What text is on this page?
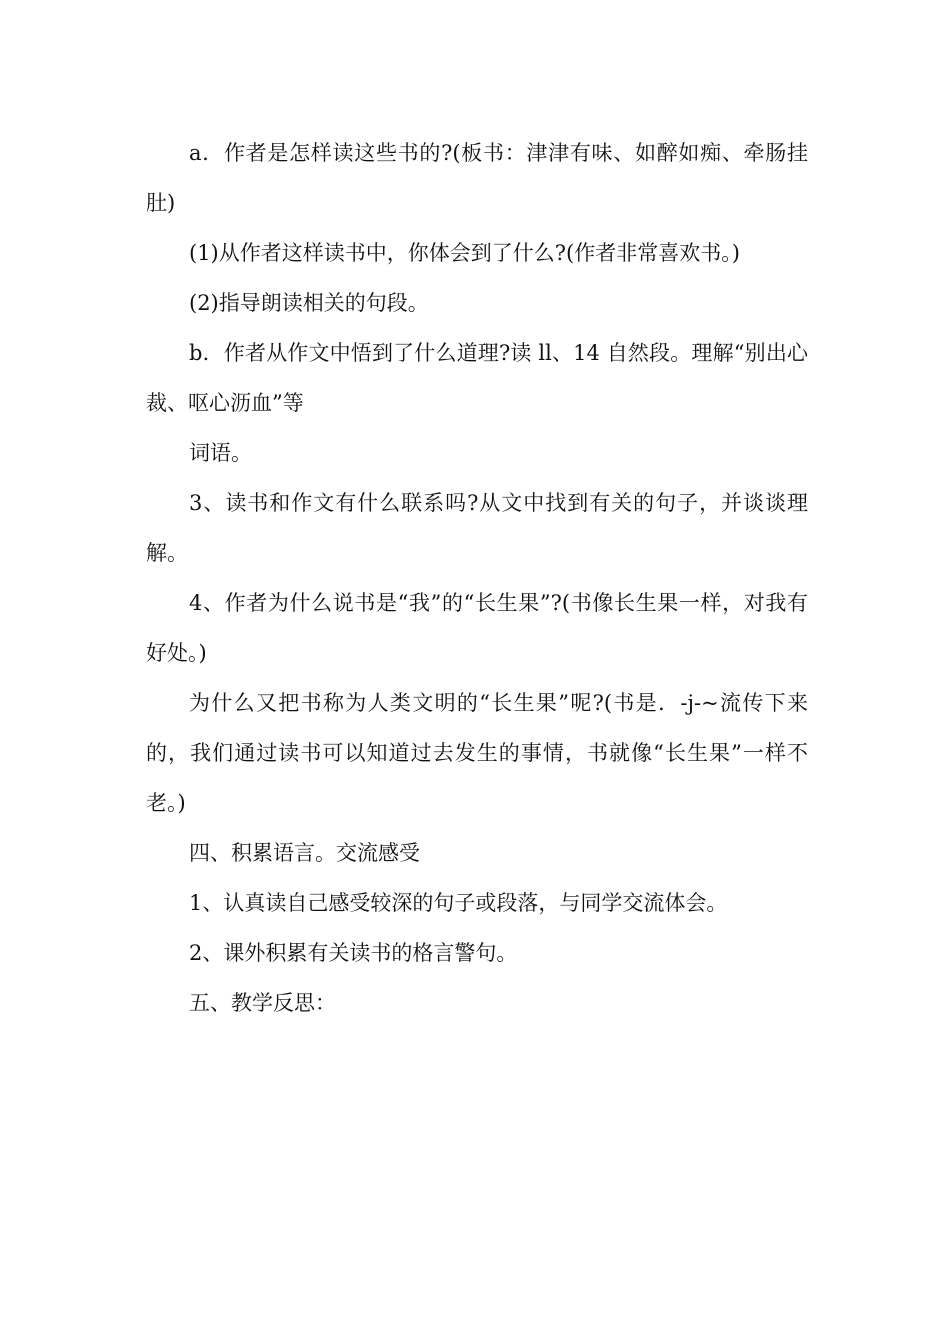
a．作者是怎样读这些书的?(板书：津津有味、如醉如痴、牵肠挂肚)

(1)从作者这样读书中，你体会到了什么?(作者非常喜欢书。)

(2)指导朗读相关的句段。

b．作者从作文中悟到了什么道理?读 ll、14 自然段。理解“别出心裁、呕心沥血”等

词语。

3、读书和作文有什么联系吗?从文中找到有关的句子，并谈谈理解。

4、作者为什么说书是“我”的“长生果”?(书像长生果一样，对我有好处。)

为什么又把书称为人类文明的“长生果”呢?(书是．-j-~流传下来的，我们通过读书可以知道过去发生的事情，书就像“长生果”一样不老。)

四、积累语言。交流感受

1、认真读自己感受较深的句子或段落，与同学交流体会。

2、课外积累有关读书的格言警句。

五、教学反思：
